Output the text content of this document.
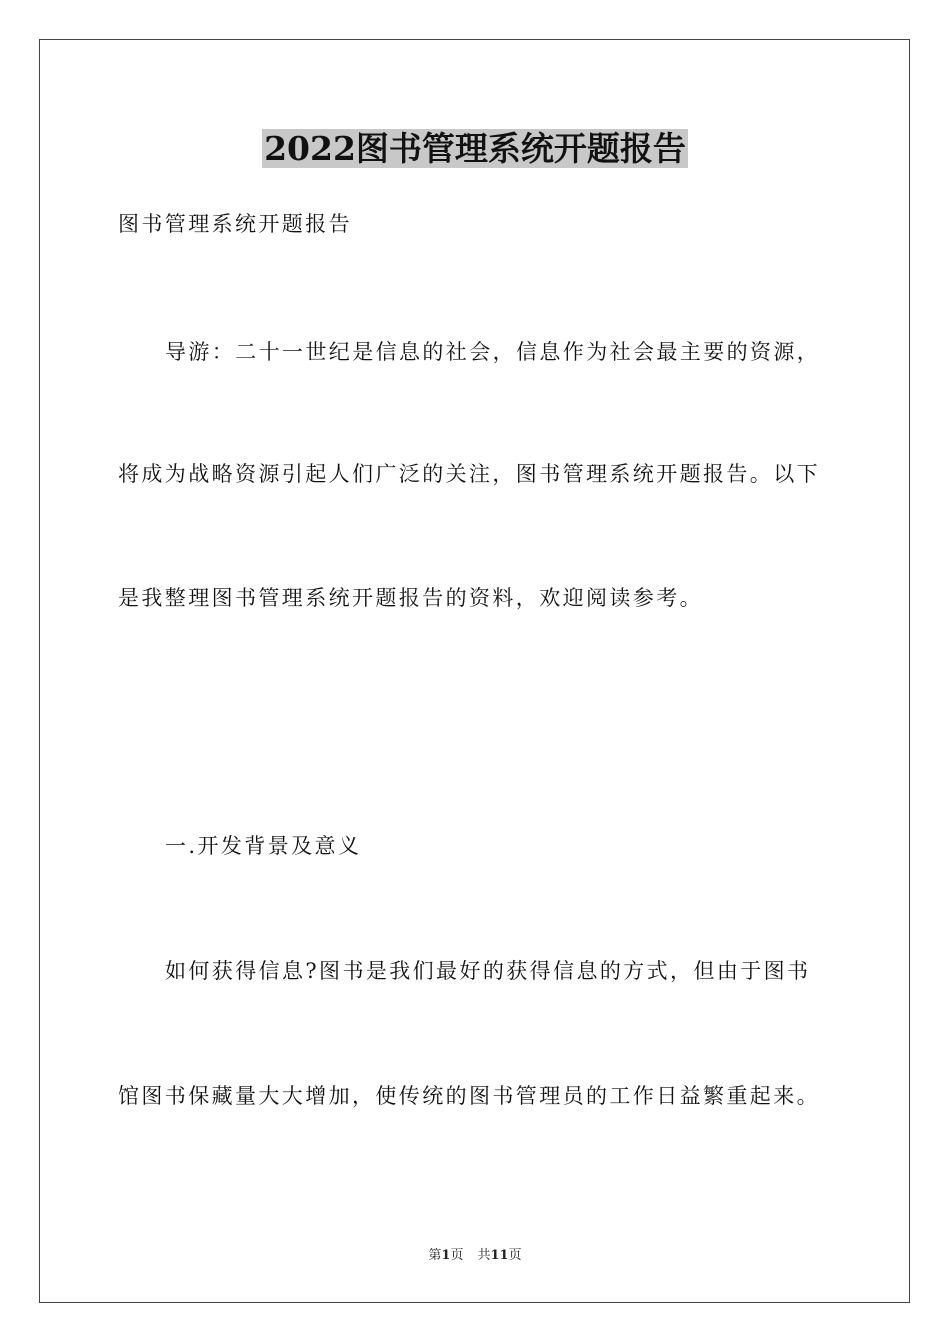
2022图书管理系统开题报告
图书管理系统开题报告
导游：二十一世纪是信息的社会，信息作为社会最主要的资源，
将成为战略资源引起人们广泛的关注，图书管理系统开题报告。以下
是我整理图书管理系统开题报告的资料，欢迎阅读参考。
一.开发背景及意义
如何获得信息?图书是我们最好的获得信息的方式，但由于图书
馆图书保藏量大大增加，使传统的图书管理员的工作日益繁重起来。
第1页 共11页
